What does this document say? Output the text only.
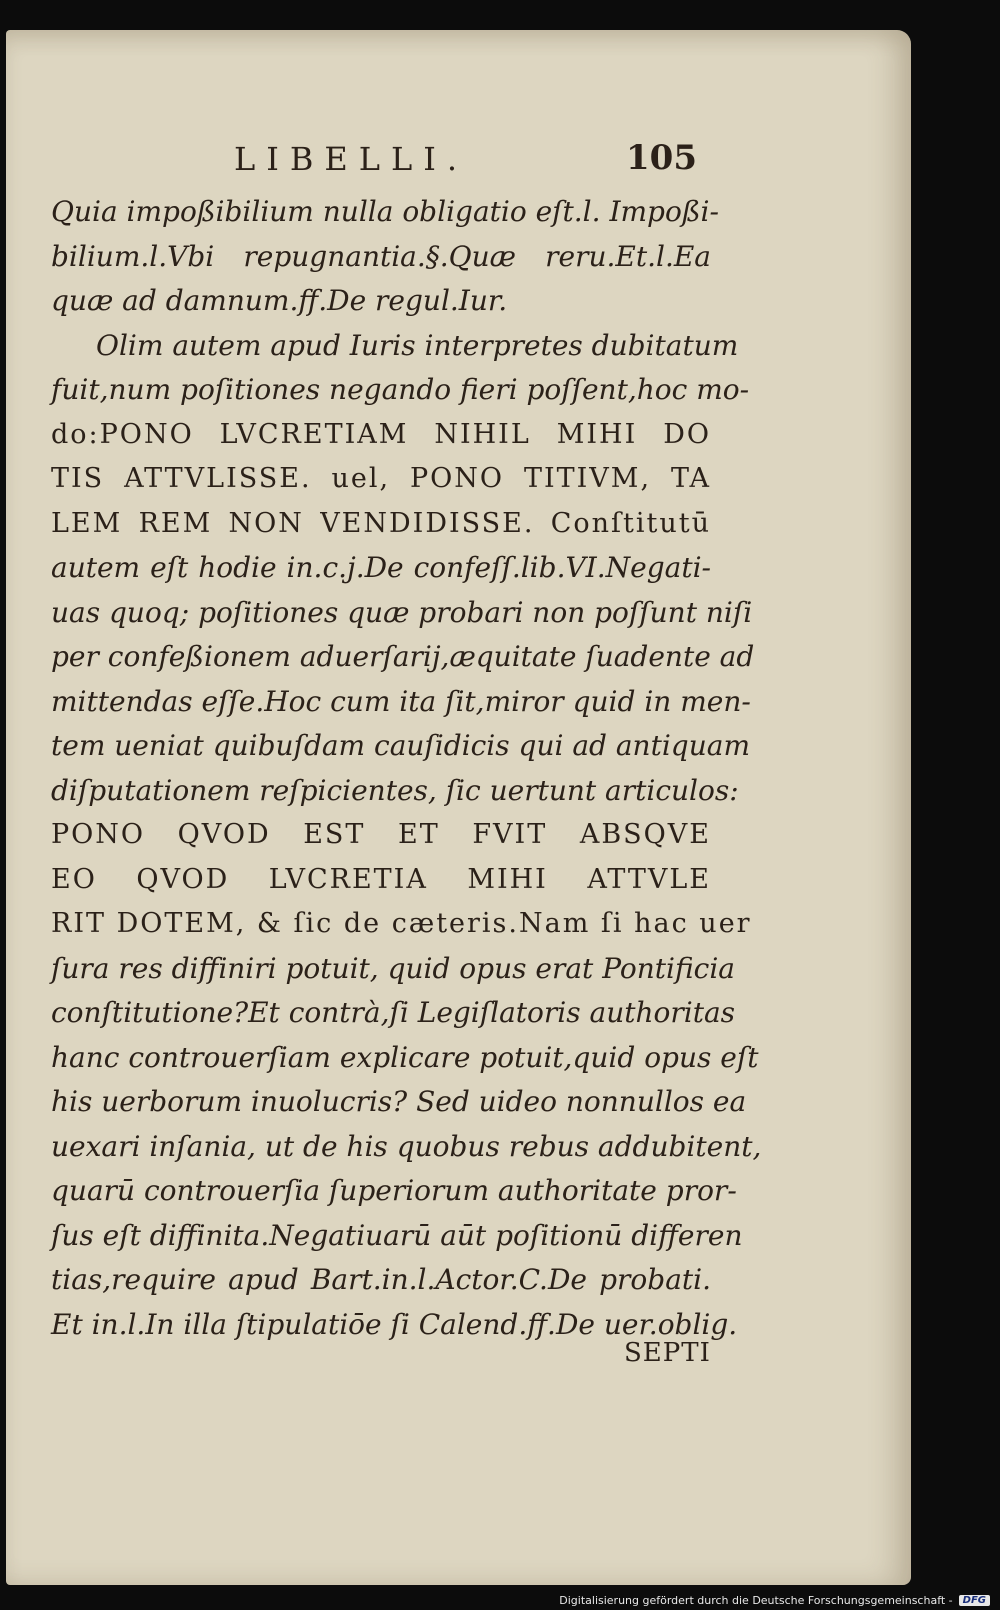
LIBELLI.	105
Quia impoßibilium nulla obligatio eſt.l. Impoßi-
bilium.l.Vbi repugnantia.§.Quæ reru.Et.l.Ea
quæ ad damnum.ff.De regul.Iur.
Olim autem apud Iuris interpretes dubitatum
fuit,num poſitiones negando fieri poſſent,hoc mo-
do:PONO LVCRETIAM NIHIL MIHI DO
TIS ATTVLISSE. uel, PONO TITIVM, TA
LEM REM NON VENDIDISSE. Conſtitutū
autem eſt hodie in.c.j.De confeſſ.lib.VI.Negati-
uas quoq; poſitiones quæ probari non poſſunt niſi
per confeßionem aduerſarij,æquitate ſuadente ad
mittendas eſſe.Hoc cum ita ſit,miror quid in men-
tem ueniat quibuſdam cauſidicis qui ad antiquam
diſputationem reſpicientes, ſic uertunt articulos:
PONO QVOD EST ET FVIT ABSQVE
EO QVOD LVCRETIA MIHI ATTVLE
RIT DOTEM, & ſic de cæteris.Nam ſi hac uer
ſura res diffiniri potuit, quid opus erat Pontificia
conſtitutione?Et contrà,ſi Legiſlatoris authoritas
hanc controuerſiam explicare potuit,quid opus eſt
his uerborum inuolucris? Sed uideo nonnullos ea
uexari inſania, ut de his quobus rebus addubitent,
quarū controuerſia ſuperiorum authoritate pror-
ſus eſt diffinita.Negatiuarū aūt poſitionū differen
tias,require apud Bart.in.l.Actor.C.De probati.
Et in.l.In illa ſtipulatiōe ſi Calend.ff.De uer.oblig.
SEPTI
Digitalisierung gefördert durch die Deutsche Forschungsgemeinschaft -	DFG
